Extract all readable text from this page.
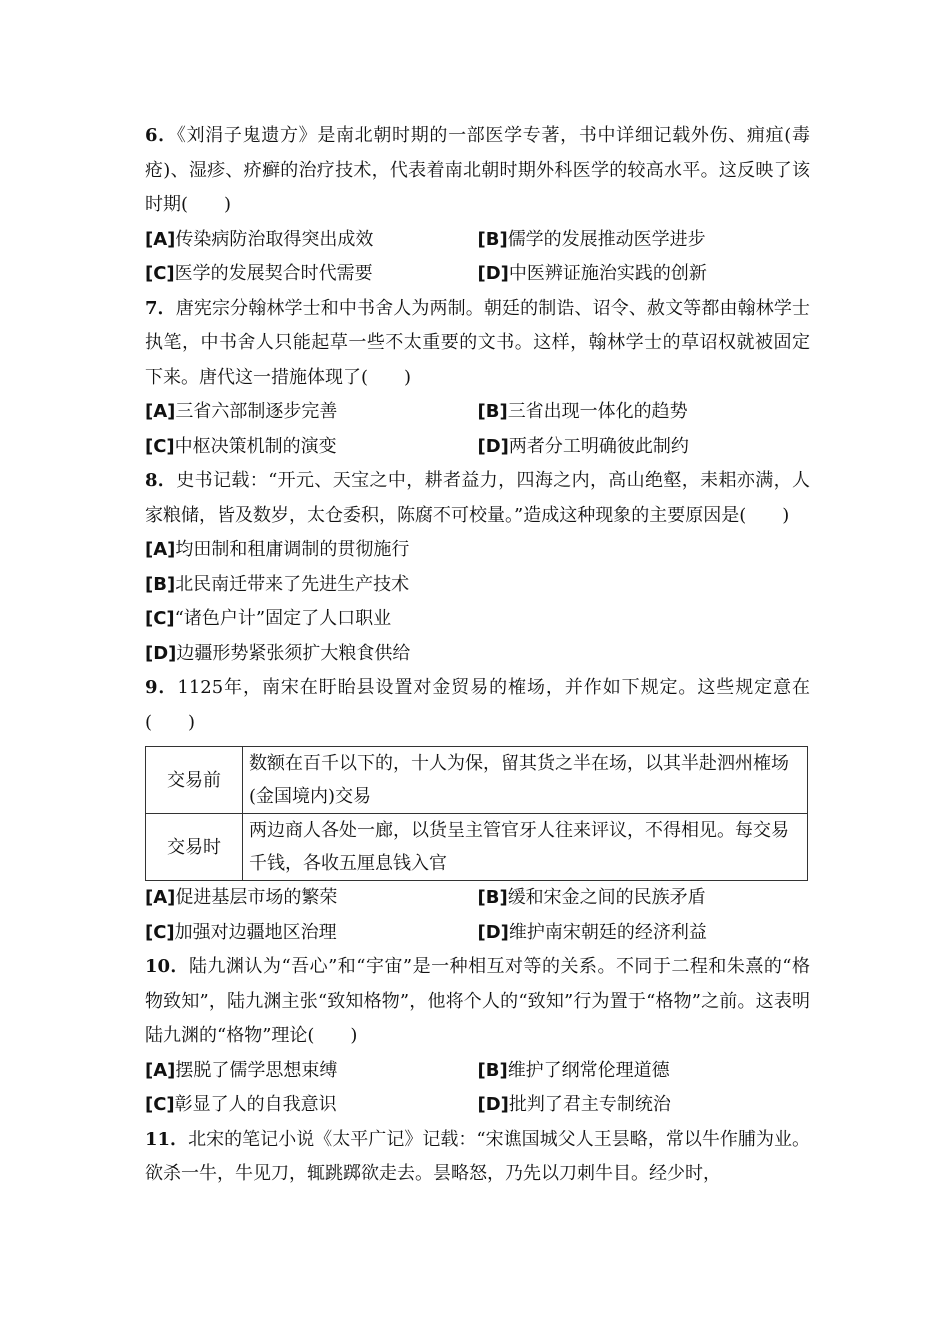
6．《刘涓子鬼遗方》是南北朝时期的一部医学专著，书中详细记载外伤、痈疽(毒疮)、湿疹、疥癣的治疗技术，代表着南北朝时期外科医学的较高水平。这反映了该时期(　　)

[A]传染病防治取得突出成效	[B]儒学的发展推动医学进步
[C]医学的发展契合时代需要	[D]中医辨证施治实践的创新

7．唐宪宗分翰林学士和中书舍人为两制。朝廷的制诰、诏令、赦文等都由翰林学士执笔，中书舍人只能起草一些不太重要的文书。这样，翰林学士的草诏权就被固定下来。唐代这一措施体现了(　　)

[A]三省六部制逐步完善	[B]三省出现一体化的趋势
[C]中枢决策机制的演变	[D]两者分工明确彼此制约

8．史书记载：“开元、天宝之中，耕者益力，四海之内，高山绝壑，耒耜亦满，人家粮储，皆及数岁，太仓委积，陈腐不可校量。”造成这种现象的主要原因是(　　)

[A]均田制和租庸调制的贯彻施行
[B]北民南迁带来了先进生产技术
[C]“诸色户计”固定了人口职业
[D]边疆形势紧张须扩大粮食供给

9．1125年，南宋在盱眙县设置对金贸易的榷场，并作如下规定。这些规定意在(　　)

交易前	数额在百千以下的，十人为保，留其货之半在场，以其半赴泗州榷场(金国境内)交易
交易时	两边商人各处一廊，以货呈主管官牙人往来评议，不得相见。每交易千钱，各收五厘息钱入官
[A]促进基层市场的繁荣	[B]缓和宋金之间的民族矛盾
[C]加强对边疆地区治理	[D]维护南宋朝廷的经济利益

10．陆九渊认为“吾心”和“宇宙”是一种相互对等的关系。不同于二程和朱熹的“格物致知”，陆九渊主张“致知格物”，他将个人的“致知”行为置于“格物”之前。这表明陆九渊的“格物”理论(　　)

[A]摆脱了儒学思想束缚	[B]维护了纲常伦理道德
[C]彰显了人的自我意识	[D]批判了君主专制统治

11．北宋的笔记小说《太平广记》记载：“宋谯国城父人王昙略，常以牛作脯为业。欲杀一牛，牛见刀，辄跳踯欲走去。昙略怒，乃先以刀刺牛目。经少时，
